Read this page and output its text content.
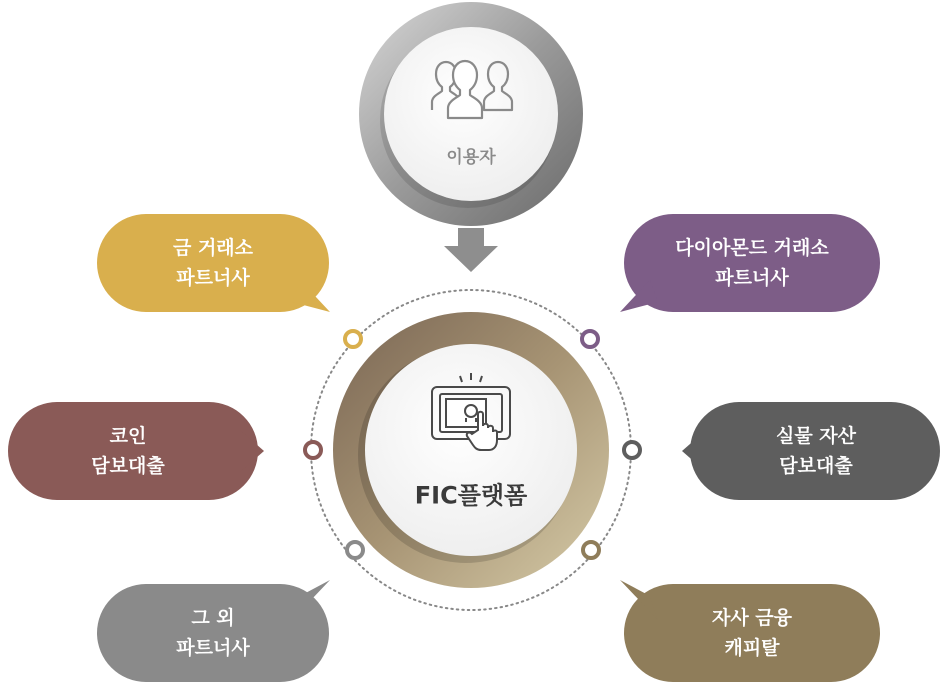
이용자
FIC플랫폼
금 거래소
파트너사
다이아몬드 거래소
파트너사
코인
담보대출
실물 자산
담보대출
그 외
파트너사
자사 금융
캐피탈
